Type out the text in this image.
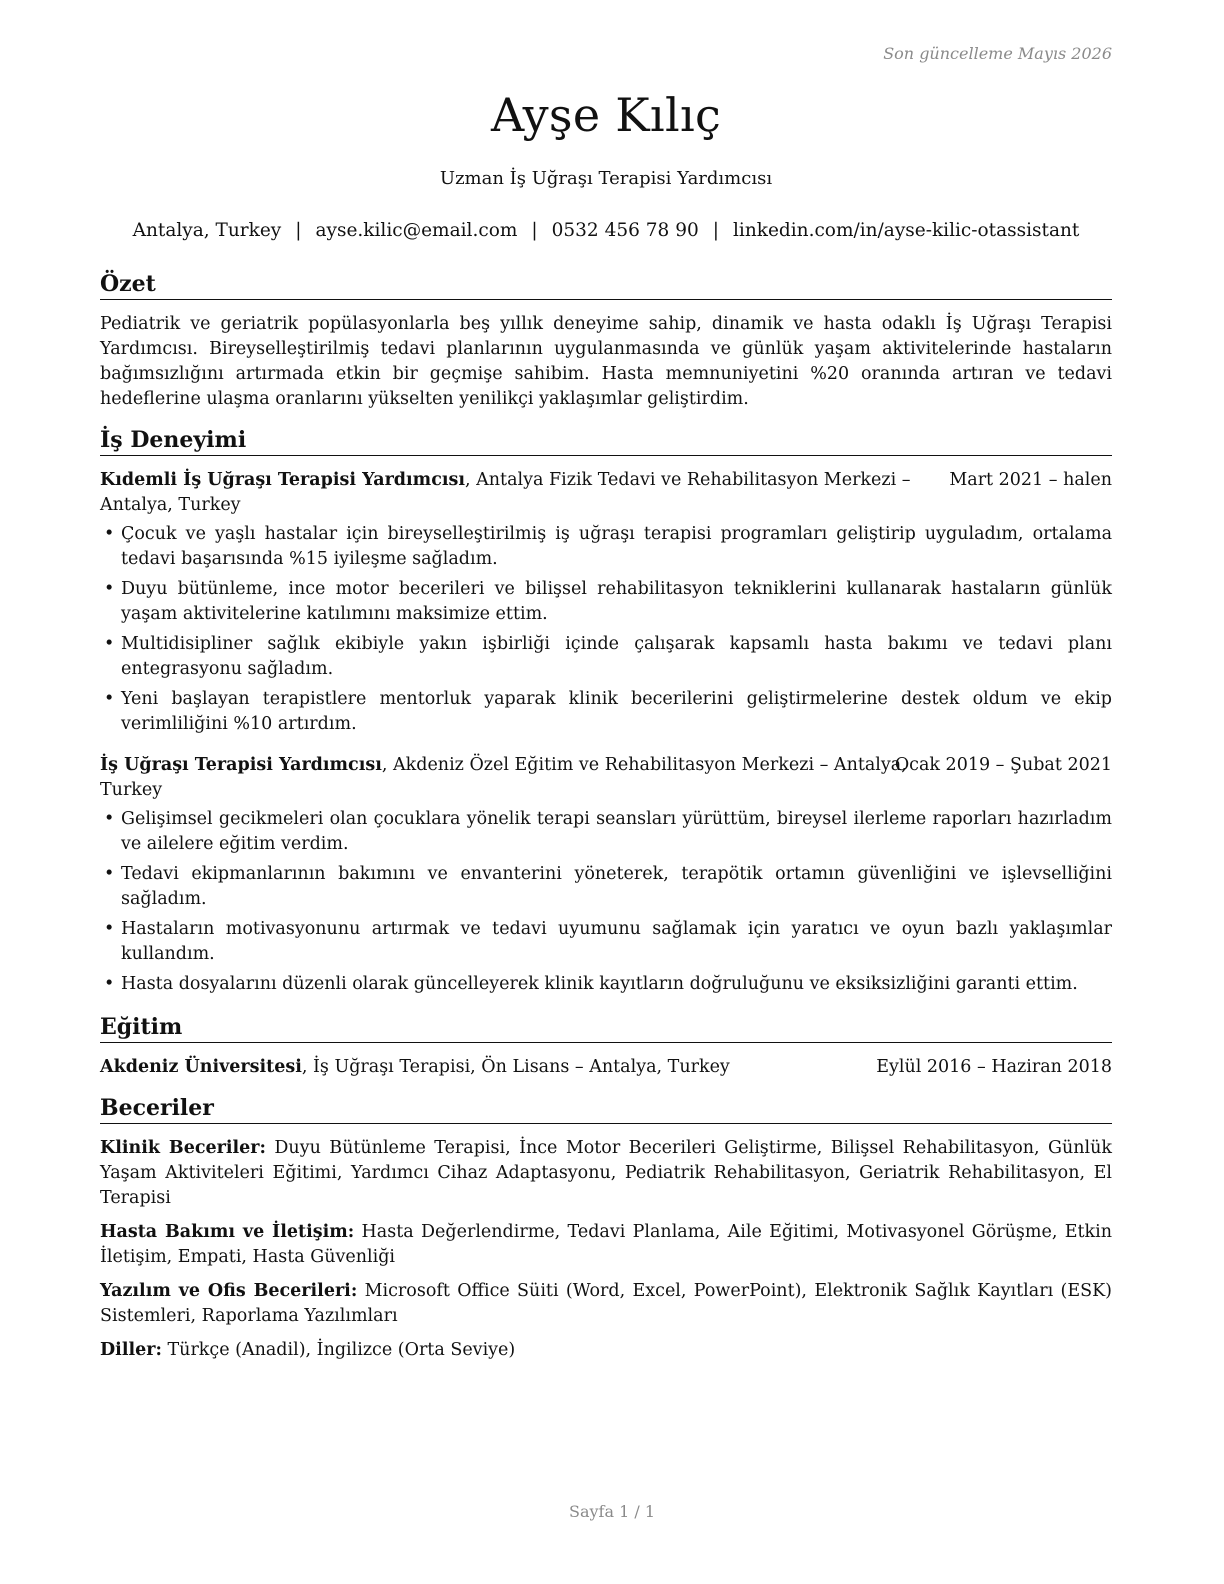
Son güncelleme Mayıs 2026
Ayşe Kılıç
Uzman İş Uğraşı Terapisi Yardımcısı
Antalya, Turkey | ayse.kilic@email.com | 0532 456 78 90 | linkedin.com/in/ayse-kilic-otassistant
Özet

Pediatrik ve geriatrik popülasyonlarla beş yıllık deneyime sahip, dinamik ve hasta odaklı İş Uğraşı Terapisi Yardımcısı. Bireyselleştirilmiş tedavi planlarının uygulanmasında ve günlük yaşam aktivitelerinde hastaların bağımsızlığını artırmada etkin bir geçmişe sahibim. Hasta memnuniyetini %20 oranında artıran ve tedavi hedeflerine ulaşma oranlarını yükselten yenilikçi yaklaşımlar geliştirdim.

İş Deneyimi
Kıdemli İş Uğraşı Terapisi Yardımcısı, Antalya Fizik Tedavi ve Rehabilitasyon Merkezi – Antalya, Turkey
Mart 2021 – halen
• Çocuk ve yaşlı hastalar için bireyselleştirilmiş iş uğraşı terapisi programları geliştirip uyguladım, ortalama tedavi başarısında %15 iyileşme sağladım.
• Duyu bütünleme, ince motor becerileri ve bilişsel rehabilitasyon tekniklerini kullanarak hastaların günlük yaşam aktivitelerine katılımını maksimize ettim.
• Multidisipliner sağlık ekibiyle yakın işbirliği içinde çalışarak kapsamlı hasta bakımı ve tedavi planı entegrasyonu sağladım.
• Yeni başlayan terapistlere mentorluk yaparak klinik becerilerini geliştirmelerine destek oldum ve ekip verimliliğini %10 artırdım.
İş Uğraşı Terapisi Yardımcısı, Akdeniz Özel Eğitim ve Rehabilitasyon Merkezi – Antalya, Turkey
Ocak 2019 – Şubat 2021
• Gelişimsel gecikmeleri olan çocuklara yönelik terapi seansları yürüttüm, bireysel ilerleme raporları hazırladım ve ailelere eğitim verdim.
• Tedavi ekipmanlarının bakımını ve envanterini yöneterek, terapötik ortamın güvenliğini ve işlevselliğini sağladım.
• Hastaların motivasyonunu artırmak ve tedavi uyumunu sağlamak için yaratıcı ve oyun bazlı yaklaşımlar kullandım.
• Hasta dosyalarını düzenli olarak güncelleyerek klinik kayıtların doğruluğunu ve eksiksizliğini garanti ettim.
Eğitim
Akdeniz Üniversitesi, İş Uğraşı Terapisi, Ön Lisans – Antalya, Turkey	Eylül 2016 – Haziran 2018
Beceriler
Klinik Beceriler: Duyu Bütünleme Terapisi, İnce Motor Becerileri Geliştirme, Bilişsel Rehabilitasyon, Günlük Yaşam Aktiviteleri Eğitimi, Yardımcı Cihaz Adaptasyonu, Pediatrik Rehabilitasyon, Geriatrik Rehabilitasyon, El Terapisi
Hasta Bakımı ve İletişim: Hasta Değerlendirme, Tedavi Planlama, Aile Eğitimi, Motivasyonel Görüşme, Etkin İletişim, Empati, Hasta Güvenliği
Yazılım ve Ofis Becerileri: Microsoft Office Süiti (Word, Excel, PowerPoint), Elektronik Sağlık Kayıtları (ESK) Sistemleri, Raporlama Yazılımları
Diller: Türkçe (Anadil), İngilizce (Orta Seviye)
Sayfa 1 / 1
